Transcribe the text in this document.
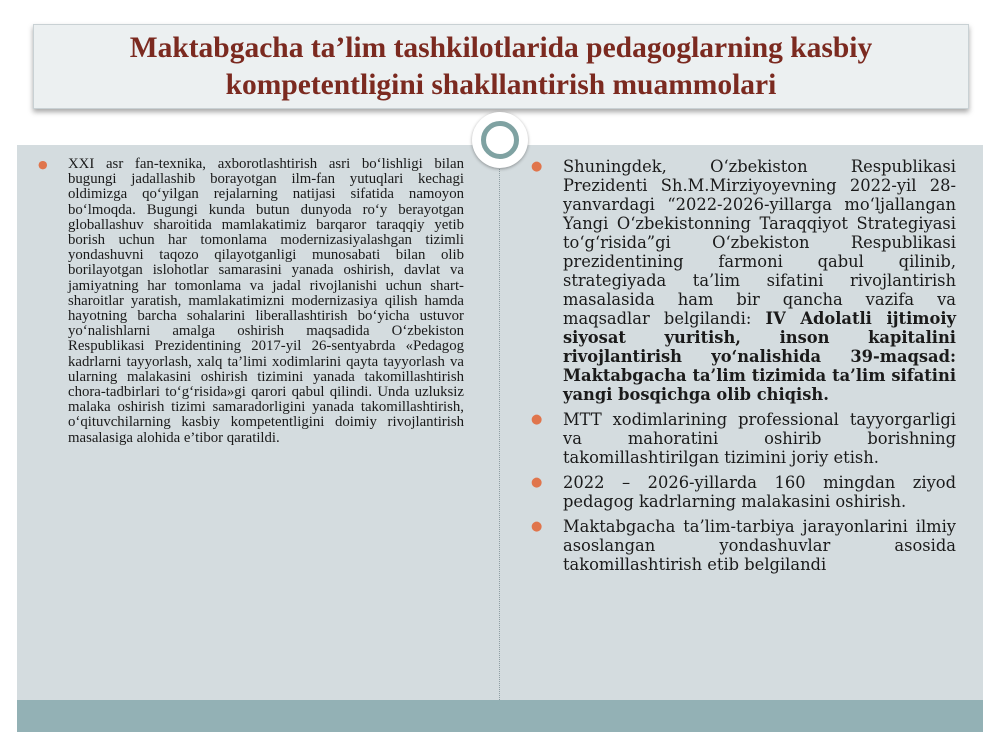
Maktabgacha ta’lim tashkilotlarida pedagoglarning kasbiy
kompetentligini shakllantirish muammolari
●	XXI asr fan-texnika, axborotlashtirish asri bo‘lishligi bilan bugungi jadallashib borayotgan ilm-fan yutuqlari kechagi oldimizga qo‘yilgan rejalarning natijasi sifatida namoyon bo‘lmoqda. Bugungi kunda butun dunyoda ro‘y berayotgan globallashuv sharoitida mamlakatimiz barqaror taraqqiy yetib borish uchun har tomonlama modernizasiyalashgan tizimli yondashuvni taqozo qilayotganligi munosabati bilan olib borilayotgan islohotlar samarasini yanada oshirish, davlat va jamiyatning har tomonlama va jadal rivojlanishi uchun shart-sharoitlar yaratish, mamlakatimizni modernizasiya qilish hamda hayotning barcha sohalarini liberallashtirish bo‘yicha ustuvor yo‘nalishlarni amalga oshirish maqsadida O‘zbekiston Respublikasi Prezidentining 2017-yil 26-sentyabrda «Pedagog kadrlarni tayyorlash, xalq ta’limi xodimlarini qayta tayyorlash va ularning malakasini oshirish tizimini yanada takomillashtirish chora-tadbirlari to‘g‘risida»gi qarori qabul qilindi. Unda uzluksiz malaka oshirish tizimi samaradorligini yanada takomillashtirish, o‘qituvchilarning kasbiy kompetentligini doimiy rivojlantirish masalasiga alohida e’tibor qaratildi.

●	Shuningdek, O‘zbekiston Respublikasi Prezidenti Sh.M.Mirziyoyevning 2022-yil 28-yanvardagi “2022-2026-yillarga mo‘ljallangan Yangi O‘zbekistonning Taraqqiyot Strategiyasi to‘g‘risida”gi O‘zbekiston Respublikasi prezidentining farmoni qabul qilinib, strategiyada ta’lim sifatini rivojlantirish masalasida ham bir qancha vazifa va maqsadlar belgilandi: IV Adolatli ijtimoiy siyosat yuritish, inson kapitalini rivojlantirish yo‘nalishida 39-maqsad: Maktabgacha ta’lim tizimida ta’lim sifatini yangi bosqichga olib chiqish.

●	MTT xodimlarining professional tayyorgarligi va mahoratini oshirib borishning takomillashtirilgan tizimini joriy etish.

●	2022 – 2026-yillarda 160 mingdan ziyod pedagog kadrlarning malakasini oshirish.

●	Maktabgacha ta’lim-tarbiya jarayonlarini ilmiy asoslangan yondashuvlar asosida takomillashtirish etib belgilandi
